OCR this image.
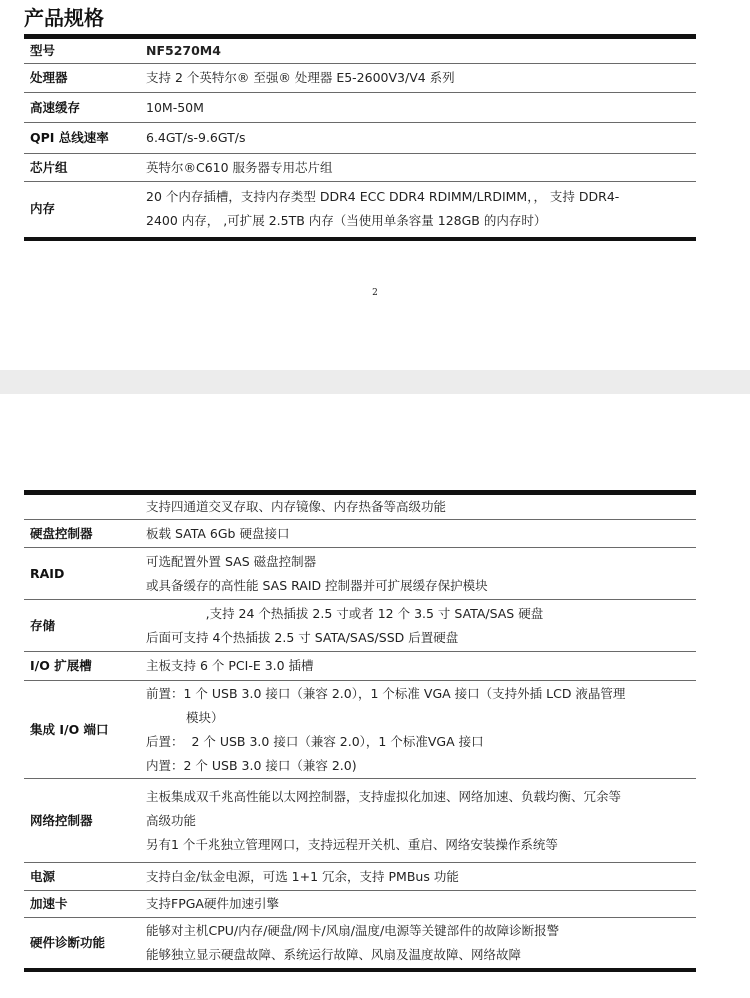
产品规格
型号	NF5270M4

处理器	支持 2 个英特尔® 至强® 处理器 E5-2600V3/V4 系列

高速缓存	10M-50M

QPI 总线速率	6.4GT/s-9.6GT/s

芯片组	英特尔®C610 服务器专用芯片组

内存	20 个内存插槽，支持内存类型 DDR4 ECC DDR4 RDIMM/LRDIMM，， 支持 DDR4-
2400 内存， ,可扩展 2.5TB 内存（当使用单条容量 128GB 的内存时）
2

	支持四通道交叉存取、内存镜像、内存热备等高级功能

硬盘控制器	板载 SATA 6Gb 硬盘接口

RAID	可选配置外置 SAS 磁盘控制器
或具备缓存的高性能 SAS RAID 控制器并可扩展缓存保护模块

存储	,支持 24 个热插拔 2.5 寸或者 12 个 3.5 寸 SATA/SAS 硬盘
后面可支持 4个热插拔 2.5 寸 SATA/SAS/SSD 后置硬盘

I/O 扩展槽	主板支持 6 个 PCI-E 3.0 插槽

集成 I/O 端口	前置：1 个 USB 3.0 接口（兼容 2.0），1 个标准 VGA 接口（支持外插 LCD 液晶管理
模块）
后置：  2 个 USB 3.0 接口（兼容 2.0），1 个标准VGA 接口
内置：2 个 USB 3.0 接口（兼容 2.0)

网络控制器	主板集成双千兆高性能以太网控制器，支持虚拟化加速、网络加速、负载均衡、冗余等
高级功能
另有1 个千兆独立管理网口，支持远程开关机、重启、网络安装操作系统等

电源	支持白金/钛金电源，可选 1+1 冗余，支持 PMBus 功能

加速卡	支持FPGA硬件加速引擎

硬件诊断功能	能够对主机CPU/内存/硬盘/网卡/风扇/温度/电源等关键部件的故障诊断报警
能够独立显示硬盘故障、系统运行故障、风扇及温度故障、网络故障
